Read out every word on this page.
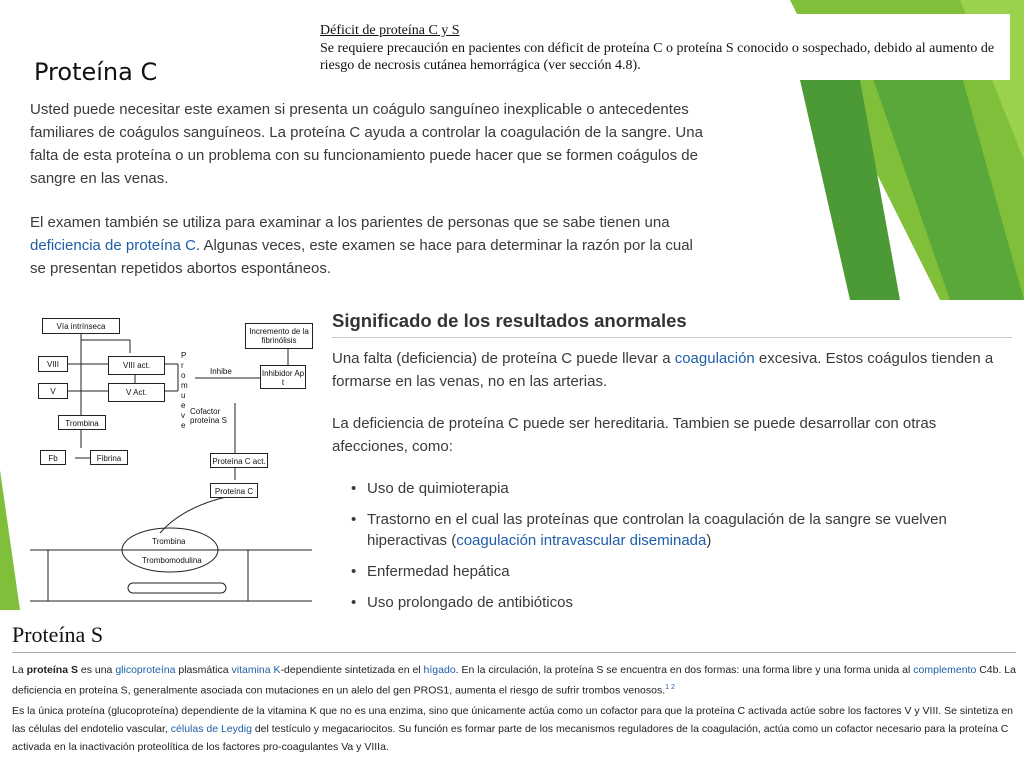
Proteína C
Déficit de proteína C y S
Se requiere precaución en pacientes con déficit de proteína C o proteína S conocido o sospechado, debido al aumento de riesgo de necrosis cutánea hemorrágica (ver sección 4.8).

Usted puede necesitar este examen si presenta un coágulo sanguíneo inexplicable o antecedentes familiares de coágulos sanguíneos. La proteína C ayuda a controlar la coagulación de la sangre. Una falta de esta proteína o un problema con su funcionamiento puede hacer que se formen coágulos de sangre en las venas.

El examen también se utiliza para examinar a los parientes de personas que se sabe tienen una deficiencia de proteína C. Algunas veces, este examen se hace para determinar la razón por la cual se presentan repetidos abortos espontáneos.

Vía intrínseca
VIII	VIII act.
V	V Act.
Trombina
Fb	Fibrina
Incremento de la fibrinólisis
Inhibidor Ap t
Inhibe
P r o m u e v e
Cofactor proteína S
Proteína C act.
Proteína C
Trombina
Trombomodulina
Significado de los resultados anormales
Una falta (deficiencia) de proteína C puede llevar a coagulación excesiva. Estos coágulos tienden a formarse en las venas, no en las arterias.
La deficiencia de proteína C puede ser hereditaria. Tambien se puede desarrollar con otras afecciones, como:
• Uso de quimioterapia
• Trastorno en el cual las proteínas que controlan la coagulación de la sangre se vuelven hiperactivas (coagulación intravascular diseminada)
• Enfermedad hepática
• Uso prolongado de antibióticos
•
Proteína S
La proteína S es una glicoproteína plasmática vitamina K-dependiente sintetizada en el hígado. En la circulación, la proteína S se encuentra en dos formas: una forma libre y una forma unida al complemento C4b. La deficiencia en proteína S, generalmente asociada con mutaciones en un alelo del gen PROS1, aumenta el riesgo de sufrir trombos venosos.$^{1 2}$
Es la única proteína (glucoproteína) dependiente de la vitamina K que no es una enzima, sino que únicamente actúa como un cofactor para que la proteína C activada actúe sobre los factores V y VIII. Se sintetiza en las células del endotelio vascular, células de Leydig del testículo y megacariocitos. Su función es formar parte de los mecanismos reguladores de la coagulación, actúa como un cofactor necesario para la proteína C activada en la inactivación proteolítica de los factores pro-coagulantes Va y VIIIa.
